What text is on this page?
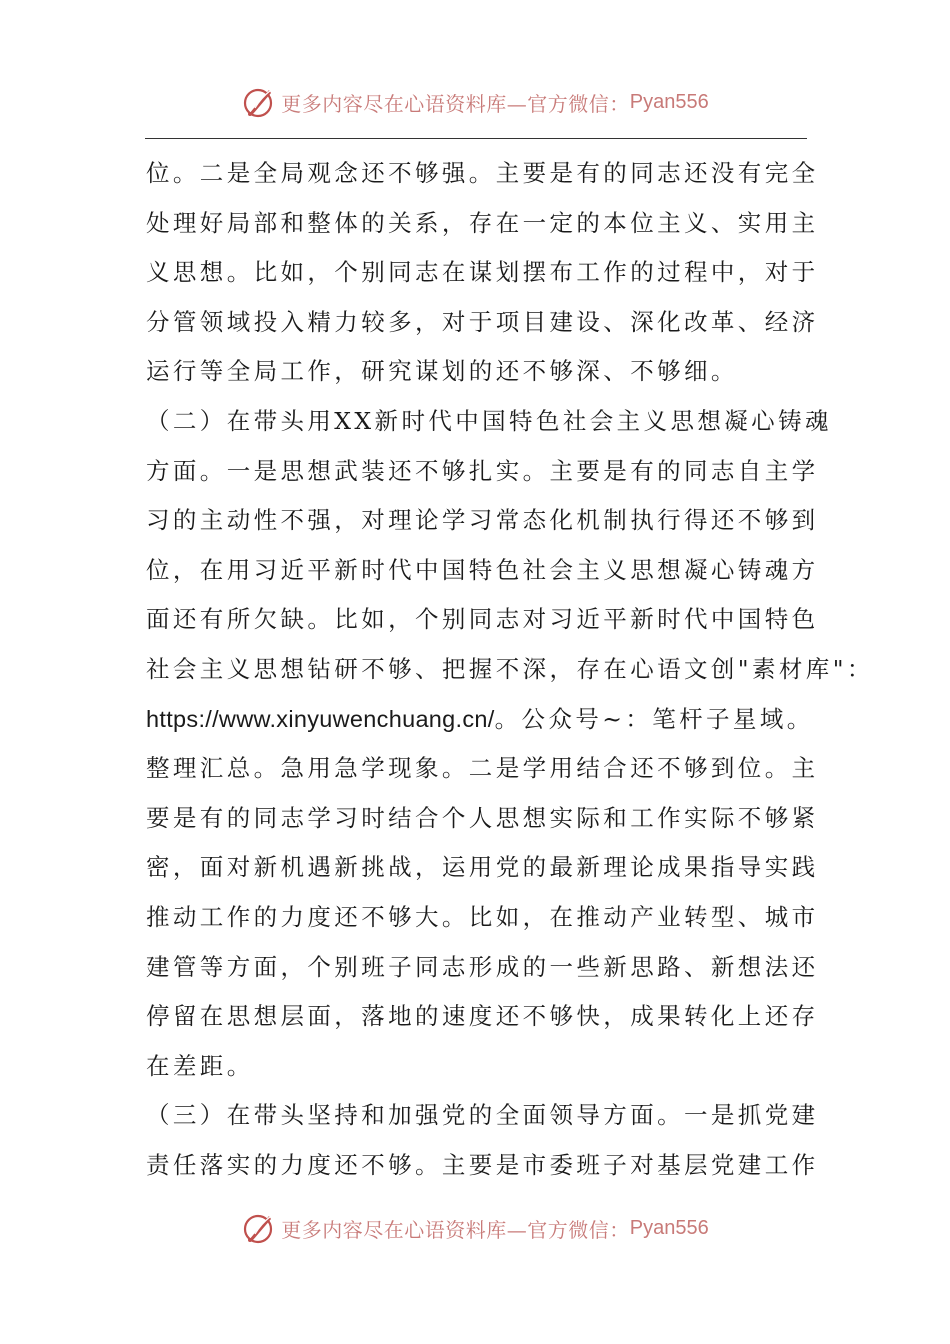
更多内容尽在心语资料库—官方微信： Pyan556
位。二是全局观念还不够强。主要是有的同志还没有完全
处理好局部和整体的关系，存在一定的本位主义、实用主
义思想。比如，个别同志在谋划摆布工作的过程中，对于
分管领域投入精力较多，对于项目建设、深化改革、经济
运行等全局工作，研究谋划的还不够深、不够细。
（二）在带头用XX新时代中国特色社会主义思想凝心铸魂
方面。一是思想武装还不够扎实。主要是有的同志自主学
习的主动性不强，对理论学习常态化机制执行得还不够到
位，在用习近平新时代中国特色社会主义思想凝心铸魂方
面还有所欠缺。比如，个别同志对习近平新时代中国特色
社会主义思想钻研不够、把握不深，存在心语文创"素材库"：
https://www.xinyuwenchuang.cn/。公众号~：笔杆子星域。
整理汇总。急用急学现象。二是学用结合还不够到位。主
要是有的同志学习时结合个人思想实际和工作实际不够紧
密，面对新机遇新挑战，运用党的最新理论成果指导实践
推动工作的力度还不够大。比如，在推动产业转型、城市
建管等方面，个别班子同志形成的一些新思路、新想法还
停留在思想层面，落地的速度还不够快，成果转化上还存
在差距。
（三）在带头坚持和加强党的全面领导方面。一是抓党建
责任落实的力度还不够。主要是市委班子对基层党建工作
更多内容尽在心语资料库—官方微信： Pyan556
